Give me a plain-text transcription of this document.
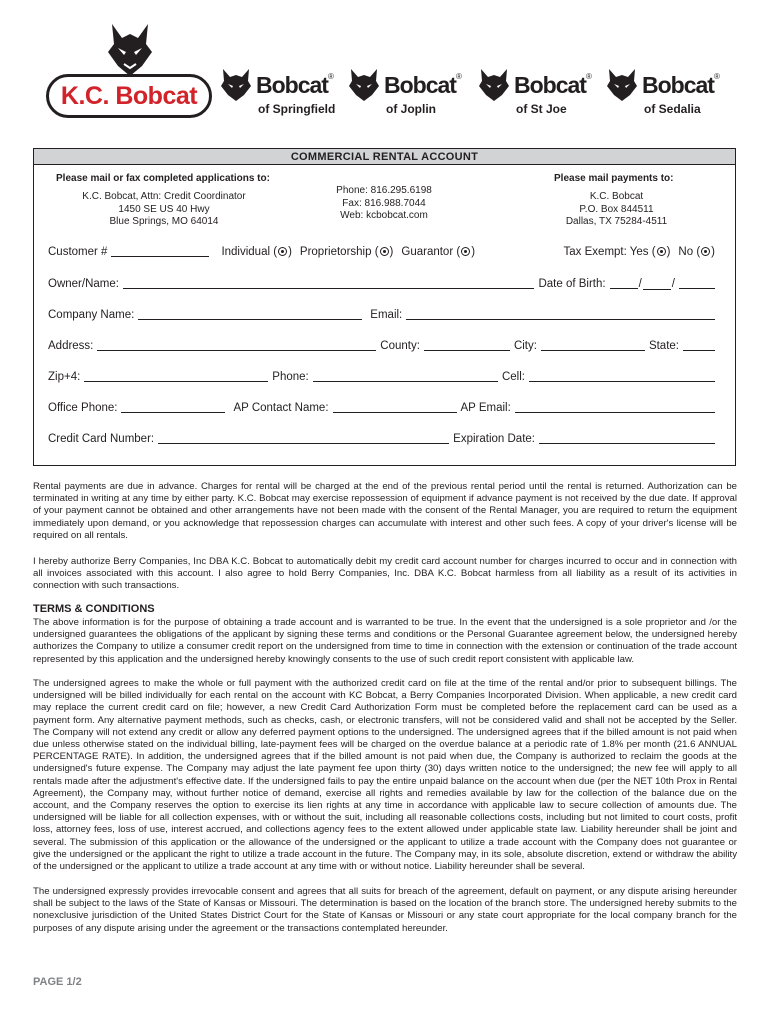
K.C. Bobcat	Bobcat®
of Springfield
Bobcat®
of Joplin
Bobcat®
of St Joe
Bobcat®
of Sedalia
COMMERCIAL RENTAL ACCOUNT
Please mail or fax completed applications to:
K.C. Bobcat, Attn: Credit Coordinator
1450 SE US 40 Hwy
Blue Springs, MO 64014
Phone: 816.295.6198
Fax: 816.988.7044
Web: kcbobcat.com
Please mail payments to:
K.C. Bobcat
P.O. Box 844511
Dallas, TX 75284-4511
Customer #	Individual ( ) Proprietorship ( ) Guarantor ( )	Tax Exempt: Yes ( ) No ( )
Owner/Name:	Date of Birth:	/	/
Company Name:	Email:
Address:	County:	City:	State:
Zip+4:	Phone:	Cell:
Office Phone:	AP Contact Name:	AP Email:
Credit Card Number:	Expiration Date:
Rental payments are due in advance. Charges for rental will be charged at the end of the previous rental period until the rental is returned. Authorization can be terminated in writing at any time by either party. K.C. Bobcat may exercise repossession of equipment if advance payment is not received by the due date. If approval of your payment cannot be obtained and other arrangements have not been made with the consent of the Rental Manager, you are required to return the equipment immediately upon demand, or you acknowledge that repossession charges can accumulate with interest and other such fees. A copy of your driver's license will be required on all rentals.
I hereby authorize Berry Companies, Inc DBA K.C. Bobcat to automatically debit my credit card account number for charges incurred to occur and in connection with all invoices associated with this account. I also agree to hold Berry Companies, Inc. DBA K.C. Bobcat harmless from all liability as a result of its activities in connection with such transactions.
TERMS & CONDITIONS
The above information is for the purpose of obtaining a trade account and is warranted to be true. In the event that the undersigned is a sole proprietor and /or the undersigned guarantees the obligations of the applicant by signing these terms and conditions or the Personal Guarantee agreement below, the undersigned hereby authorizes the Company to utilize a consumer credit report on the undersigned from time to time in connection with the extension or continuation of the trade account represented by this application and the undersigned hereby knowingly consents to the use of such credit report consistent with applicable law.
The undersigned agrees to make the whole or full payment with the authorized credit card on file at the time of the rental and/or prior to subsequent billings. The undersigned will be billed individually for each rental on the account with KC Bobcat, a Berry Companies Incorporated Division. When applicable, a new credit card may replace the current credit card on file; however, a new Credit Card Authorization Form must be completed before the replacement card can be used as a payment form. Any alternative payment methods, such as checks, cash, or electronic transfers, will not be considered valid and shall not be accepted by the Seller. The Company will not extend any credit or allow any deferred payment options to the undersigned. The undersigned agrees that if the billed amount is not paid when due unless otherwise stated on the individual billing, late-payment fees will be charged on the overdue balance at a periodic rate of 1.8% per month (21.6 ANNUAL PERCENTAGE RATE). In addition, the undersigned agrees that if the billed amount is not paid when due, the Company is authorized to reclaim the goods at the undersigned's future expense. The Company may adjust the late payment fee upon thirty (30) days written notice to the undersigned; the new fee will apply to all rentals made after the adjustment's effective date. If the undersigned fails to pay the entire unpaid balance on the account when due (per the NET 10th Prox in Rental Agreement), the Company may, without further notice of demand, exercise all rights and remedies available by law for the collection of the balance due on the account, and the Company reserves the option to exercise its lien rights at any time in accordance with applicable law to secure collection of amounts due. The undersigned will be liable for all collection expenses, with or without the suit, including all reasonable collections costs, including but not limited to court costs, profit loss, attorney fees, loss of use, interest accrued, and collections agency fees to the extent allowed under applicable state law. Liability hereunder shall be joint and several. The submission of this application or the allowance of the undersigned or the applicant to utilize a trade account with the Company does not guarantee or give the undersigned or the applicant the right to utilize a trade account in the future. The Company may, in its sole, absolute discretion, extend or withdraw the ability of the undersigned or the applicant to utilize a trade account at any time with or without notice. Liability hereunder shall be several.
The undersigned expressly provides irrevocable consent and agrees that all suits for breach of the agreement, default on payment, or any dispute arising hereunder shall be subject to the laws of the State of Kansas or Missouri. The determination is based on the location of the branch store. The undersigned hereby submits to the nonexclusive jurisdiction of the United States District Court for the State of Kansas or Missouri or any state court appropriate for the local company branch for the purposes of any dispute arising under the agreement or the transactions contemplated hereunder.
PAGE 1/2
